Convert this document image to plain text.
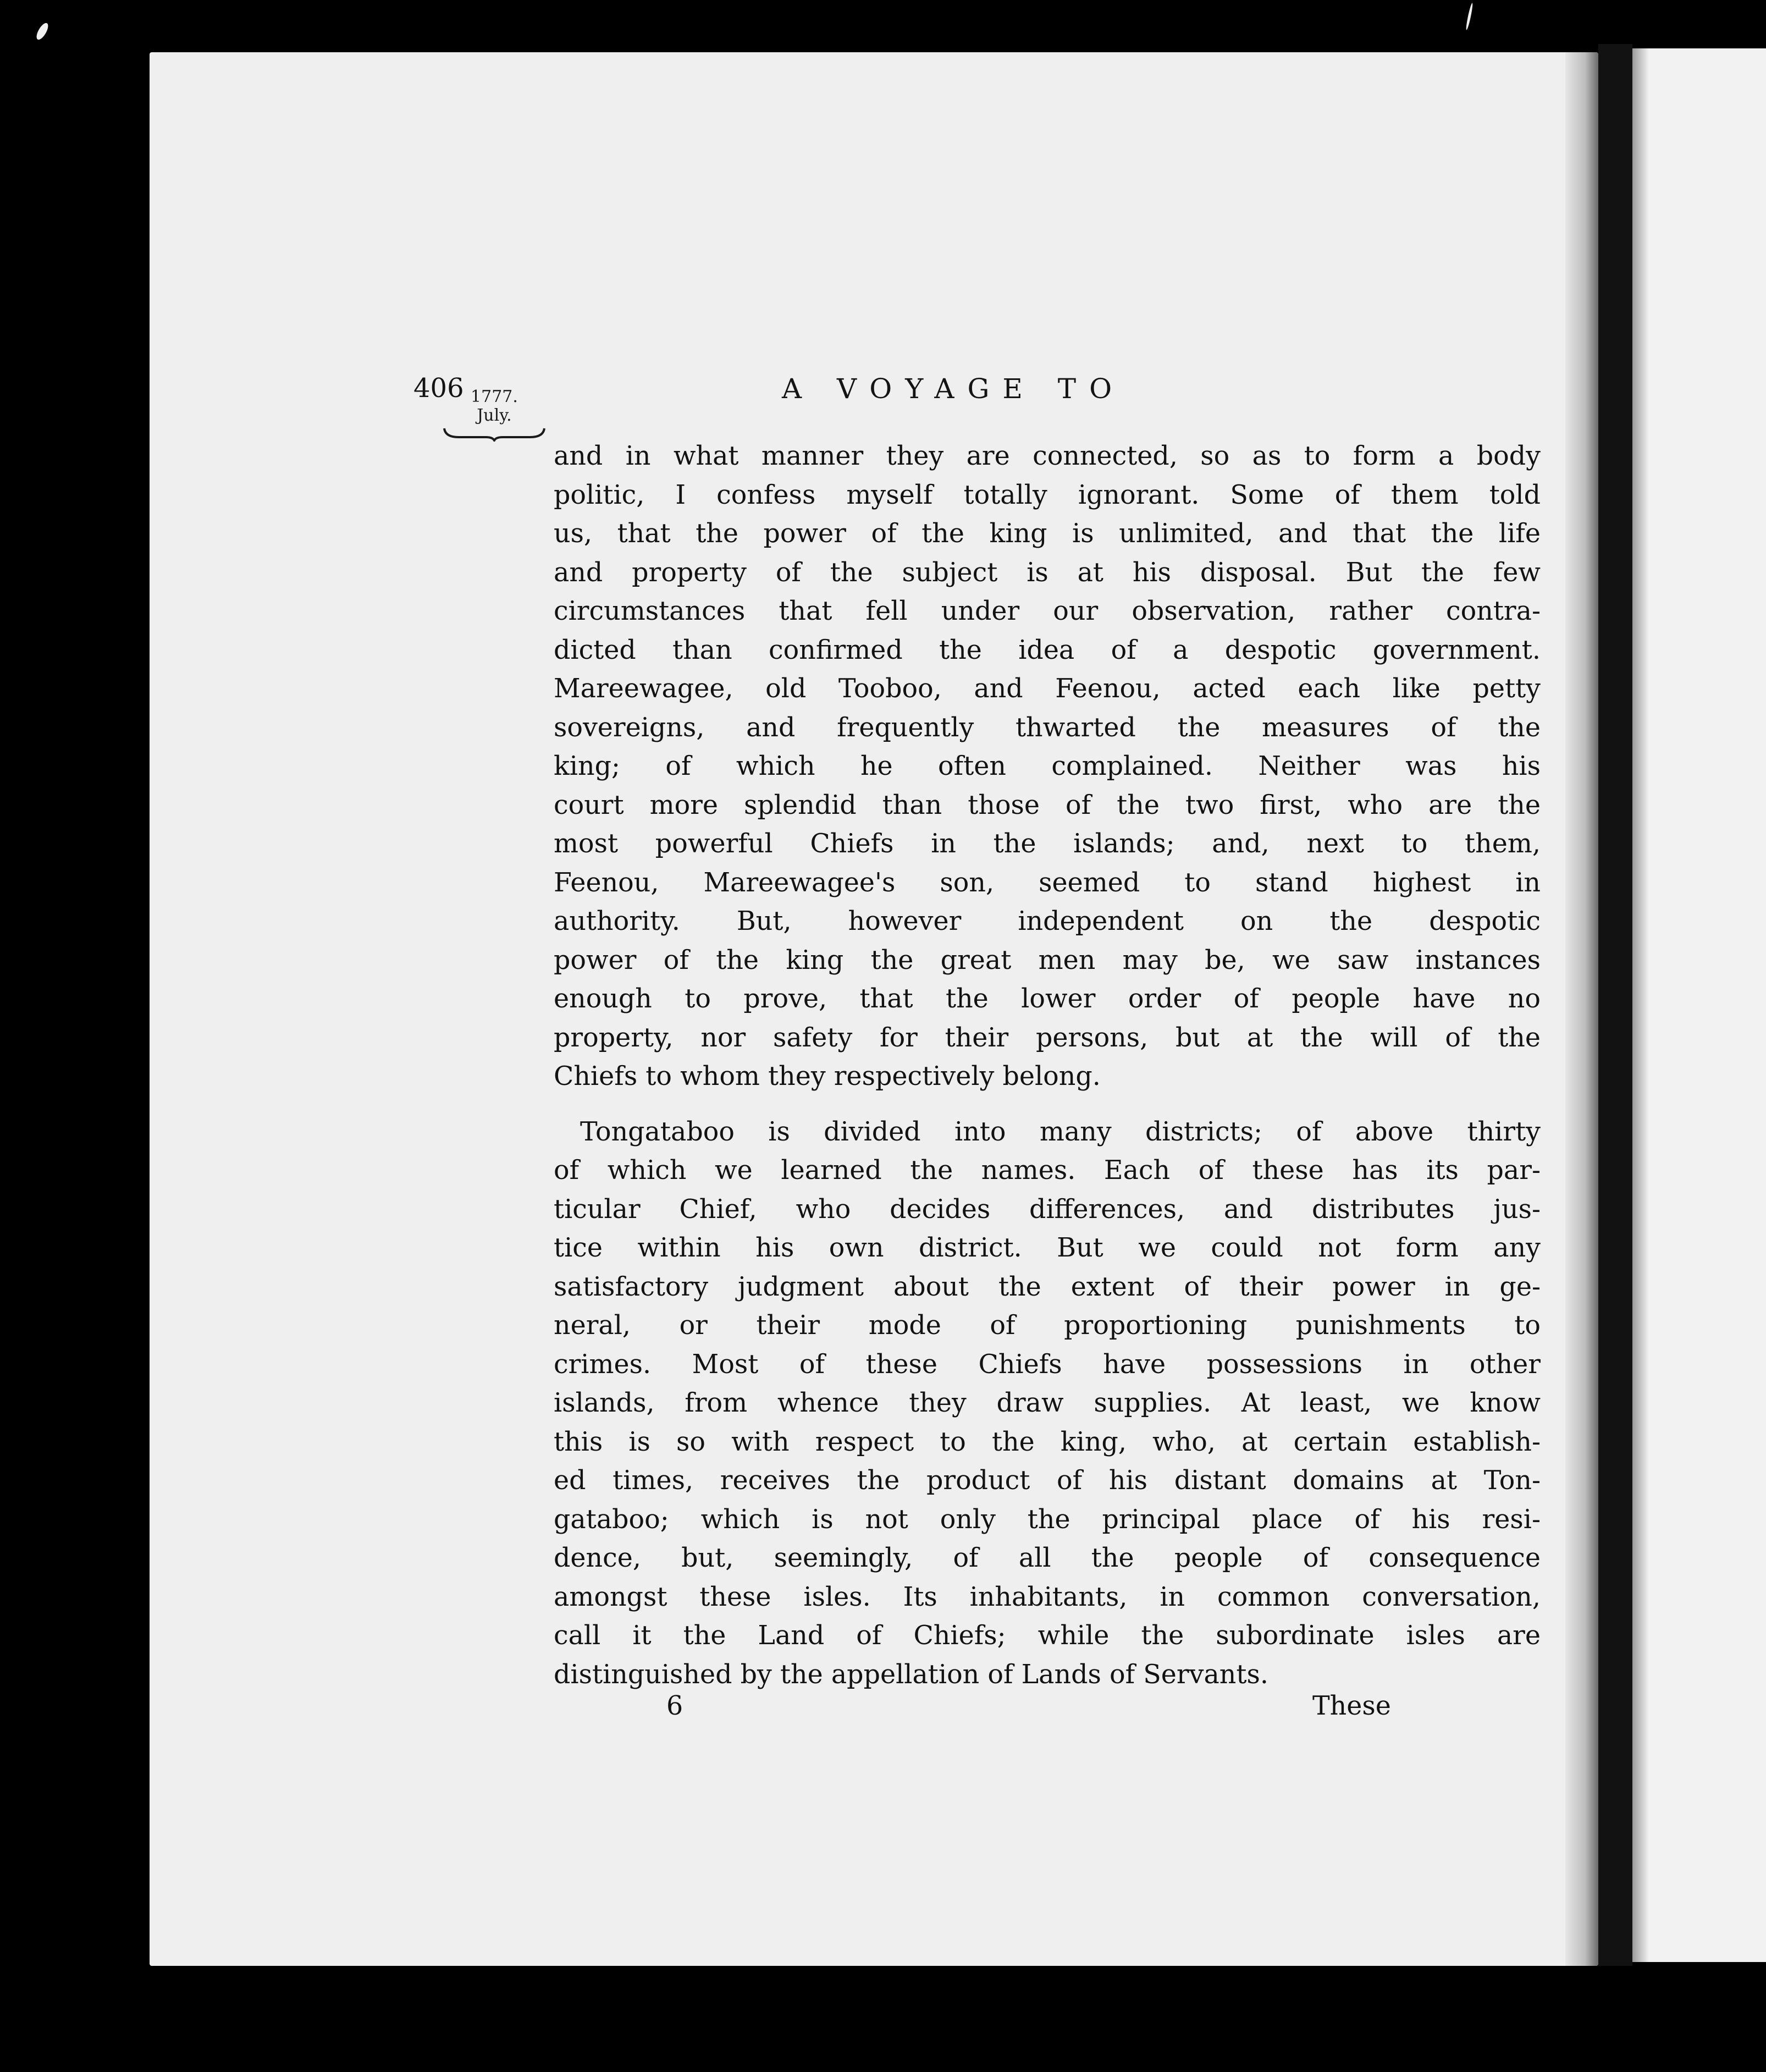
406	A VOYAGE TO
1777.
July.
and in what manner they are connected, so as to form a body
politic, I confess myself totally ignorant. Some of them told
us, that the power of the king is unlimited, and that the life
and property of the subject is at his disposal. But the few
circumstances that fell under our observation, rather contra-
dicted than confirmed the idea of a despotic government.
Mareewagee, old Tooboo, and Feenou, acted each like petty
sovereigns, and frequently thwarted the measures of the
king; of which he often complained. Neither was his
court more splendid than those of the two first, who are the
most powerful Chiefs in the islands; and, next to them,
Feenou, Mareewagee's son, seemed to stand highest in
authority. But, however independent on the despotic
power of the king the great men may be, we saw instances
enough to prove, that the lower order of people have no
property, nor safety for their persons, but at the will of the
Chiefs to whom they respectively belong.
Tongataboo is divided into many districts; of above thirty
of which we learned the names. Each of these has its par-
ticular Chief, who decides differences, and distributes jus-
tice within his own district. But we could not form any
satisfactory judgment about the extent of their power in ge-
neral, or their mode of proportioning punishments to
crimes. Most of these Chiefs have possessions in other
islands, from whence they draw supplies. At least, we know
this is so with respect to the king, who, at certain establish-
ed times, receives the product of his distant domains at Ton-
gataboo; which is not only the principal place of his resi-
dence, but, seemingly, of all the people of consequence
amongst these isles. Its inhabitants, in common conversation,
call it the Land of Chiefs; while the subordinate isles are
distinguished by the appellation of Lands of Servants.
6	These
